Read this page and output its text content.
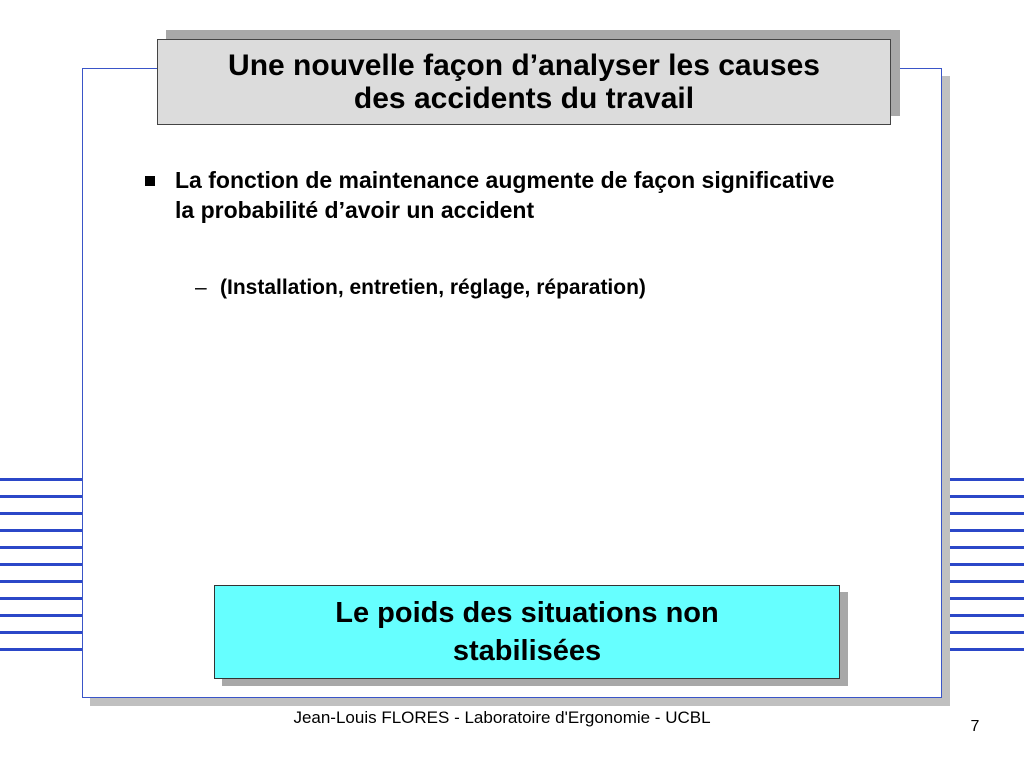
Une nouvelle façon d’analyser les causes
des accidents du travail
La fonction de maintenance augmente de façon significative la probabilité d’avoir un accident
– (Installation, entretien, réglage, réparation)
Le poids des situations non
stabilisées
Jean-Louis FLORES - Laboratoire d'Ergonomie - UCBL	7
